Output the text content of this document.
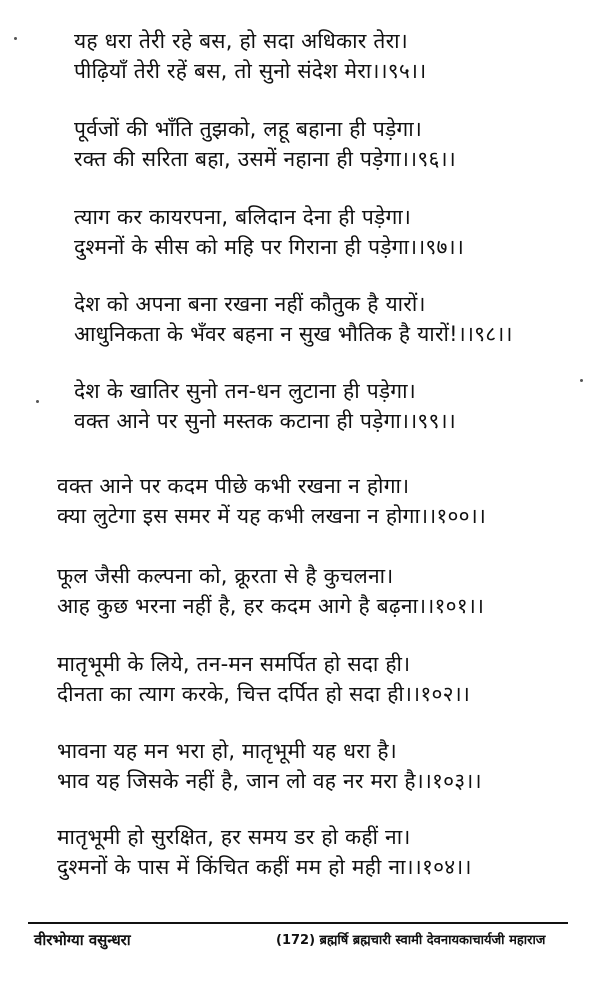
यह धरा तेरी रहे बस, हो सदा अधिकार तेरा।
पीढ़ियाँ तेरी रहें बस, तो सुनो संदेश मेरा।।९५।।
पूर्वजों की भाँति तुझको, लहू बहाना ही पड़ेगा।
रक्त की सरिता बहा, उसमें नहाना ही पड़ेगा।।९६।।
त्याग कर कायरपना, बलिदान देना ही पड़ेगा।
दुश्मनों के सीस को महि पर गिराना ही पड़ेगा।।९७।।
देश को अपना बना रखना नहीं कौतुक है यारों।
आधुनिकता के भँवर बहना न सुख भौतिक है यारों!।।९८।।
देश के खातिर सुनो तन-धन लुटाना ही पड़ेगा।
वक्त आने पर सुनो मस्तक कटाना ही पड़ेगा।।९९।।
वक्त आने पर कदम पीछे कभी रखना न होगा।
क्या लुटेगा इस समर में यह कभी लखना न होगा।।१००।।
फूल जैसी कल्पना को, क्रूरता से है कुचलना।
आह कुछ भरना नहीं है, हर कदम आगे है बढ़ना।।१०१।।
मातृभूमी के लिये, तन-मन समर्पित हो सदा ही।
दीनता का त्याग करके, चित्त दर्पित हो सदा ही।।१०२।।
भावना यह मन भरा हो, मातृभूमी यह धरा है।
भाव यह जिसके नहीं है, जान लो वह नर मरा है।।१०३।।
मातृभूमी हो सुरक्षित, हर समय डर हो कहीं ना।
दुश्मनों के पास में किंचित कहीं मम हो मही ना।।१०४।।
वीरभोग्या वसुन्धरा	(172) ब्रह्मर्षि ब्रह्मचारी स्वामी देवनायकाचार्यजी महाराज
